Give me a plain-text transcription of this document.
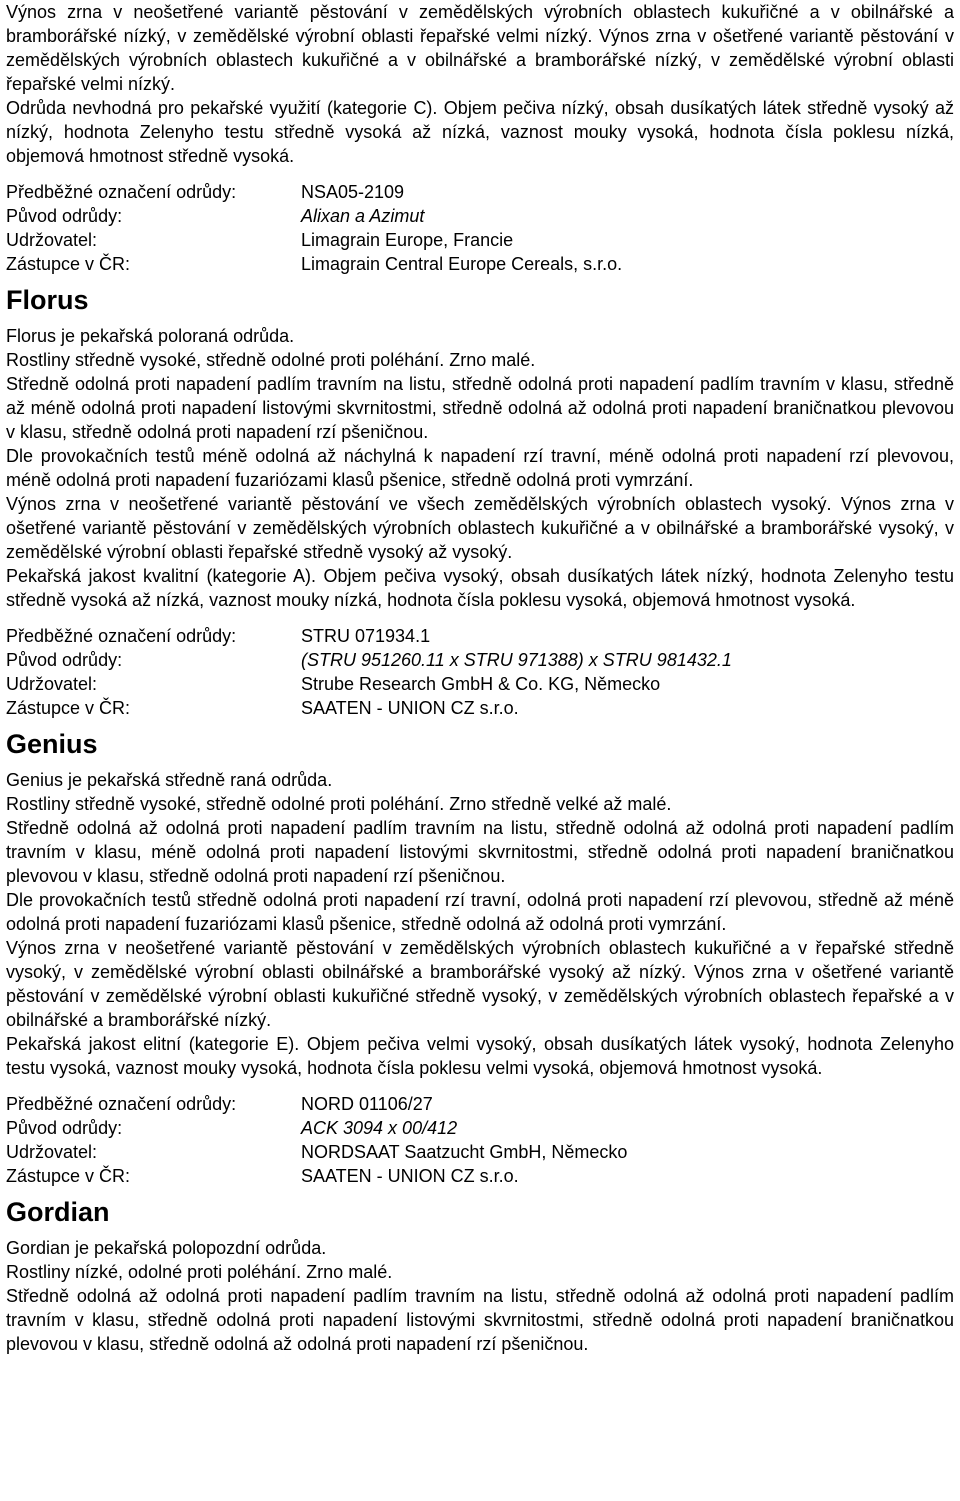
Výnos zrna v neošetřené variantě pěstování v zemědělských výrobních oblastech kukuřičné a v obilnářské a bramborářské nízký, v zemědělské výrobní oblasti řepařské velmi nízký. Výnos zrna v ošetřené variantě pěstování v zemědělských výrobních oblastech kukuřičné a v obilnářské a bramborářské nízký, v zemědělské výrobní oblasti řepařské velmi nízký.

Odrůda nevhodná pro pekařské využití (kategorie C). Objem pečiva nízký, obsah dusíkatých látek středně vysoký až nízký, hodnota Zelenyho testu středně vysoká až nízká, vaznost mouky vysoká, hodnota čísla poklesu nízká, objemová hmotnost středně vysoká.

Předběžné označení odrůdy:	NSA05-2109
Původ odrůdy:	Alixan a Azimut
Udržovatel:	Limagrain Europe, Francie
Zástupce v ČR:	Limagrain Central Europe Cereals, s.r.o.
Florus

Florus je pekařská poloraná odrůda.

Rostliny středně vysoké, středně odolné proti poléhání. Zrno malé.

Středně odolná proti napadení padlím travním na listu, středně odolná proti napadení padlím travním v klasu, středně až méně odolná proti napadení listovými skvrnitostmi, středně odolná až odolná proti napadení braničnatkou plevovou v klasu, středně odolná proti napadení rzí pšeničnou.

Dle provokačních testů méně odolná až náchylná k napadení rzí travní, méně odolná proti napadení rzí plevovou, méně odolná proti napadení fuzariózami klasů pšenice, středně odolná proti vymrzání.

Výnos zrna v neošetřené variantě pěstování ve všech zemědělských výrobních oblastech vysoký. Výnos zrna v ošetřené variantě pěstování v zemědělských výrobních oblastech kukuřičné a v obilnářské a bramborářské vysoký, v zemědělské výrobní oblasti řepařské středně vysoký až vysoký.

Pekařská jakost kvalitní (kategorie A). Objem pečiva vysoký, obsah dusíkatých látek nízký, hodnota Zelenyho testu středně vysoká až nízká, vaznost mouky nízká, hodnota čísla poklesu vysoká, objemová hmotnost vysoká.

Předběžné označení odrůdy:	STRU 071934.1
Původ odrůdy:	(STRU 951260.11 x STRU 971388) x STRU 981432.1
Udržovatel:	Strube Research GmbH & Co. KG, Německo
Zástupce v ČR:	SAATEN - UNION CZ s.r.o.
Genius

Genius je pekařská středně raná odrůda.

Rostliny středně vysoké, středně odolné proti poléhání. Zrno středně velké až malé.

Středně odolná až odolná proti napadení padlím travním na listu, středně odolná až odolná proti napadení padlím travním v klasu, méně odolná proti napadení listovými skvrnitostmi, středně odolná proti napadení braničnatkou plevovou v klasu, středně odolná proti napadení rzí pšeničnou.

Dle provokačních testů středně odolná proti napadení rzí travní, odolná proti napadení rzí plevovou, středně až méně odolná proti napadení fuzariózami klasů pšenice, středně odolná až odolná proti vymrzání.

Výnos zrna v neošetřené variantě pěstování v zemědělských výrobních oblastech kukuřičné a v řepařské středně vysoký, v zemědělské výrobní oblasti obilnářské a bramborářské vysoký až nízký. Výnos zrna v ošetřené variantě pěstování v zemědělské výrobní oblasti kukuřičné středně vysoký, v zemědělských výrobních oblastech řepařské a v obilnářské a bramborářské nízký.

Pekařská jakost elitní (kategorie E). Objem pečiva velmi vysoký, obsah dusíkatých látek vysoký, hodnota Zelenyho testu vysoká, vaznost mouky vysoká, hodnota čísla poklesu velmi vysoká, objemová hmotnost vysoká.

Předběžné označení odrůdy:	NORD 01106/27
Původ odrůdy:	ACK 3094 x 00/412
Udržovatel:	NORDSAAT Saatzucht GmbH, Německo
Zástupce v ČR:	SAATEN - UNION CZ s.r.o.
Gordian

Gordian je pekařská polopozdní odrůda.

Rostliny nízké, odolné proti poléhání. Zrno malé.

Středně odolná až odolná proti napadení padlím travním na listu, středně odolná až odolná proti napadení padlím travním v klasu, středně odolná proti napadení listovými skvrnitostmi, středně odolná proti napadení braničnatkou plevovou v klasu, středně odolná až odolná proti napadení rzí pšeničnou.
